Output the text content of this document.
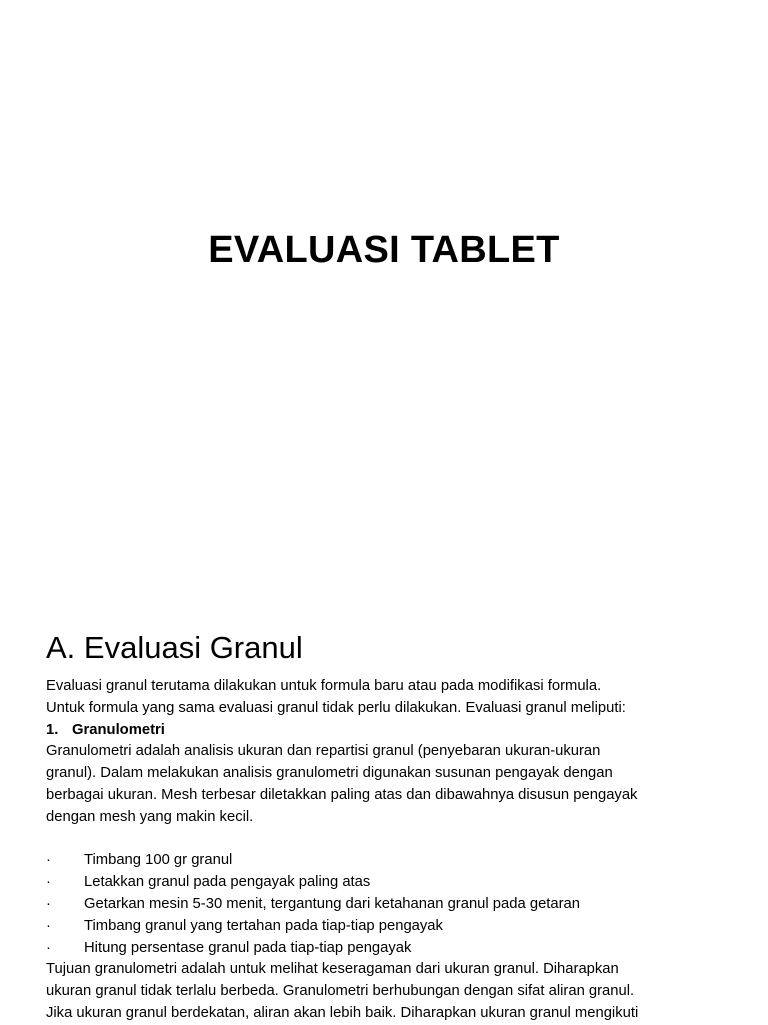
EVALUASI TABLET
A. Evaluasi Granul

Evaluasi granul terutama dilakukan untuk formula baru atau pada modifikasi formula.

Untuk formula yang sama evaluasi granul tidak perlu dilakukan. Evaluasi granul meliputi:

1. Granulometri

Granulometri adalah analisis ukuran dan repartisi granul (penyebaran ukuran-ukuran

granul). Dalam melakukan analisis granulometri digunakan susunan pengayak dengan

berbagai ukuran. Mesh terbesar diletakkan paling atas dan dibawahnya disusun pengayak

dengan mesh yang makin kecil.

·	Timbang 100 gr granul
·	Letakkan granul pada pengayak paling atas
·	Getarkan mesin 5-30 menit, tergantung dari ketahanan granul pada getaran
·	Timbang granul yang tertahan pada tiap-tiap pengayak
·	Hitung persentase granul pada tiap-tiap pengayak

Tujuan granulometri adalah untuk melihat keseragaman dari ukuran granul. Diharapkan

ukuran granul tidak terlalu berbeda. Granulometri berhubungan dengan sifat aliran granul.

Jika ukuran granul berdekatan, aliran akan lebih baik. Diharapkan ukuran granul mengikuti
